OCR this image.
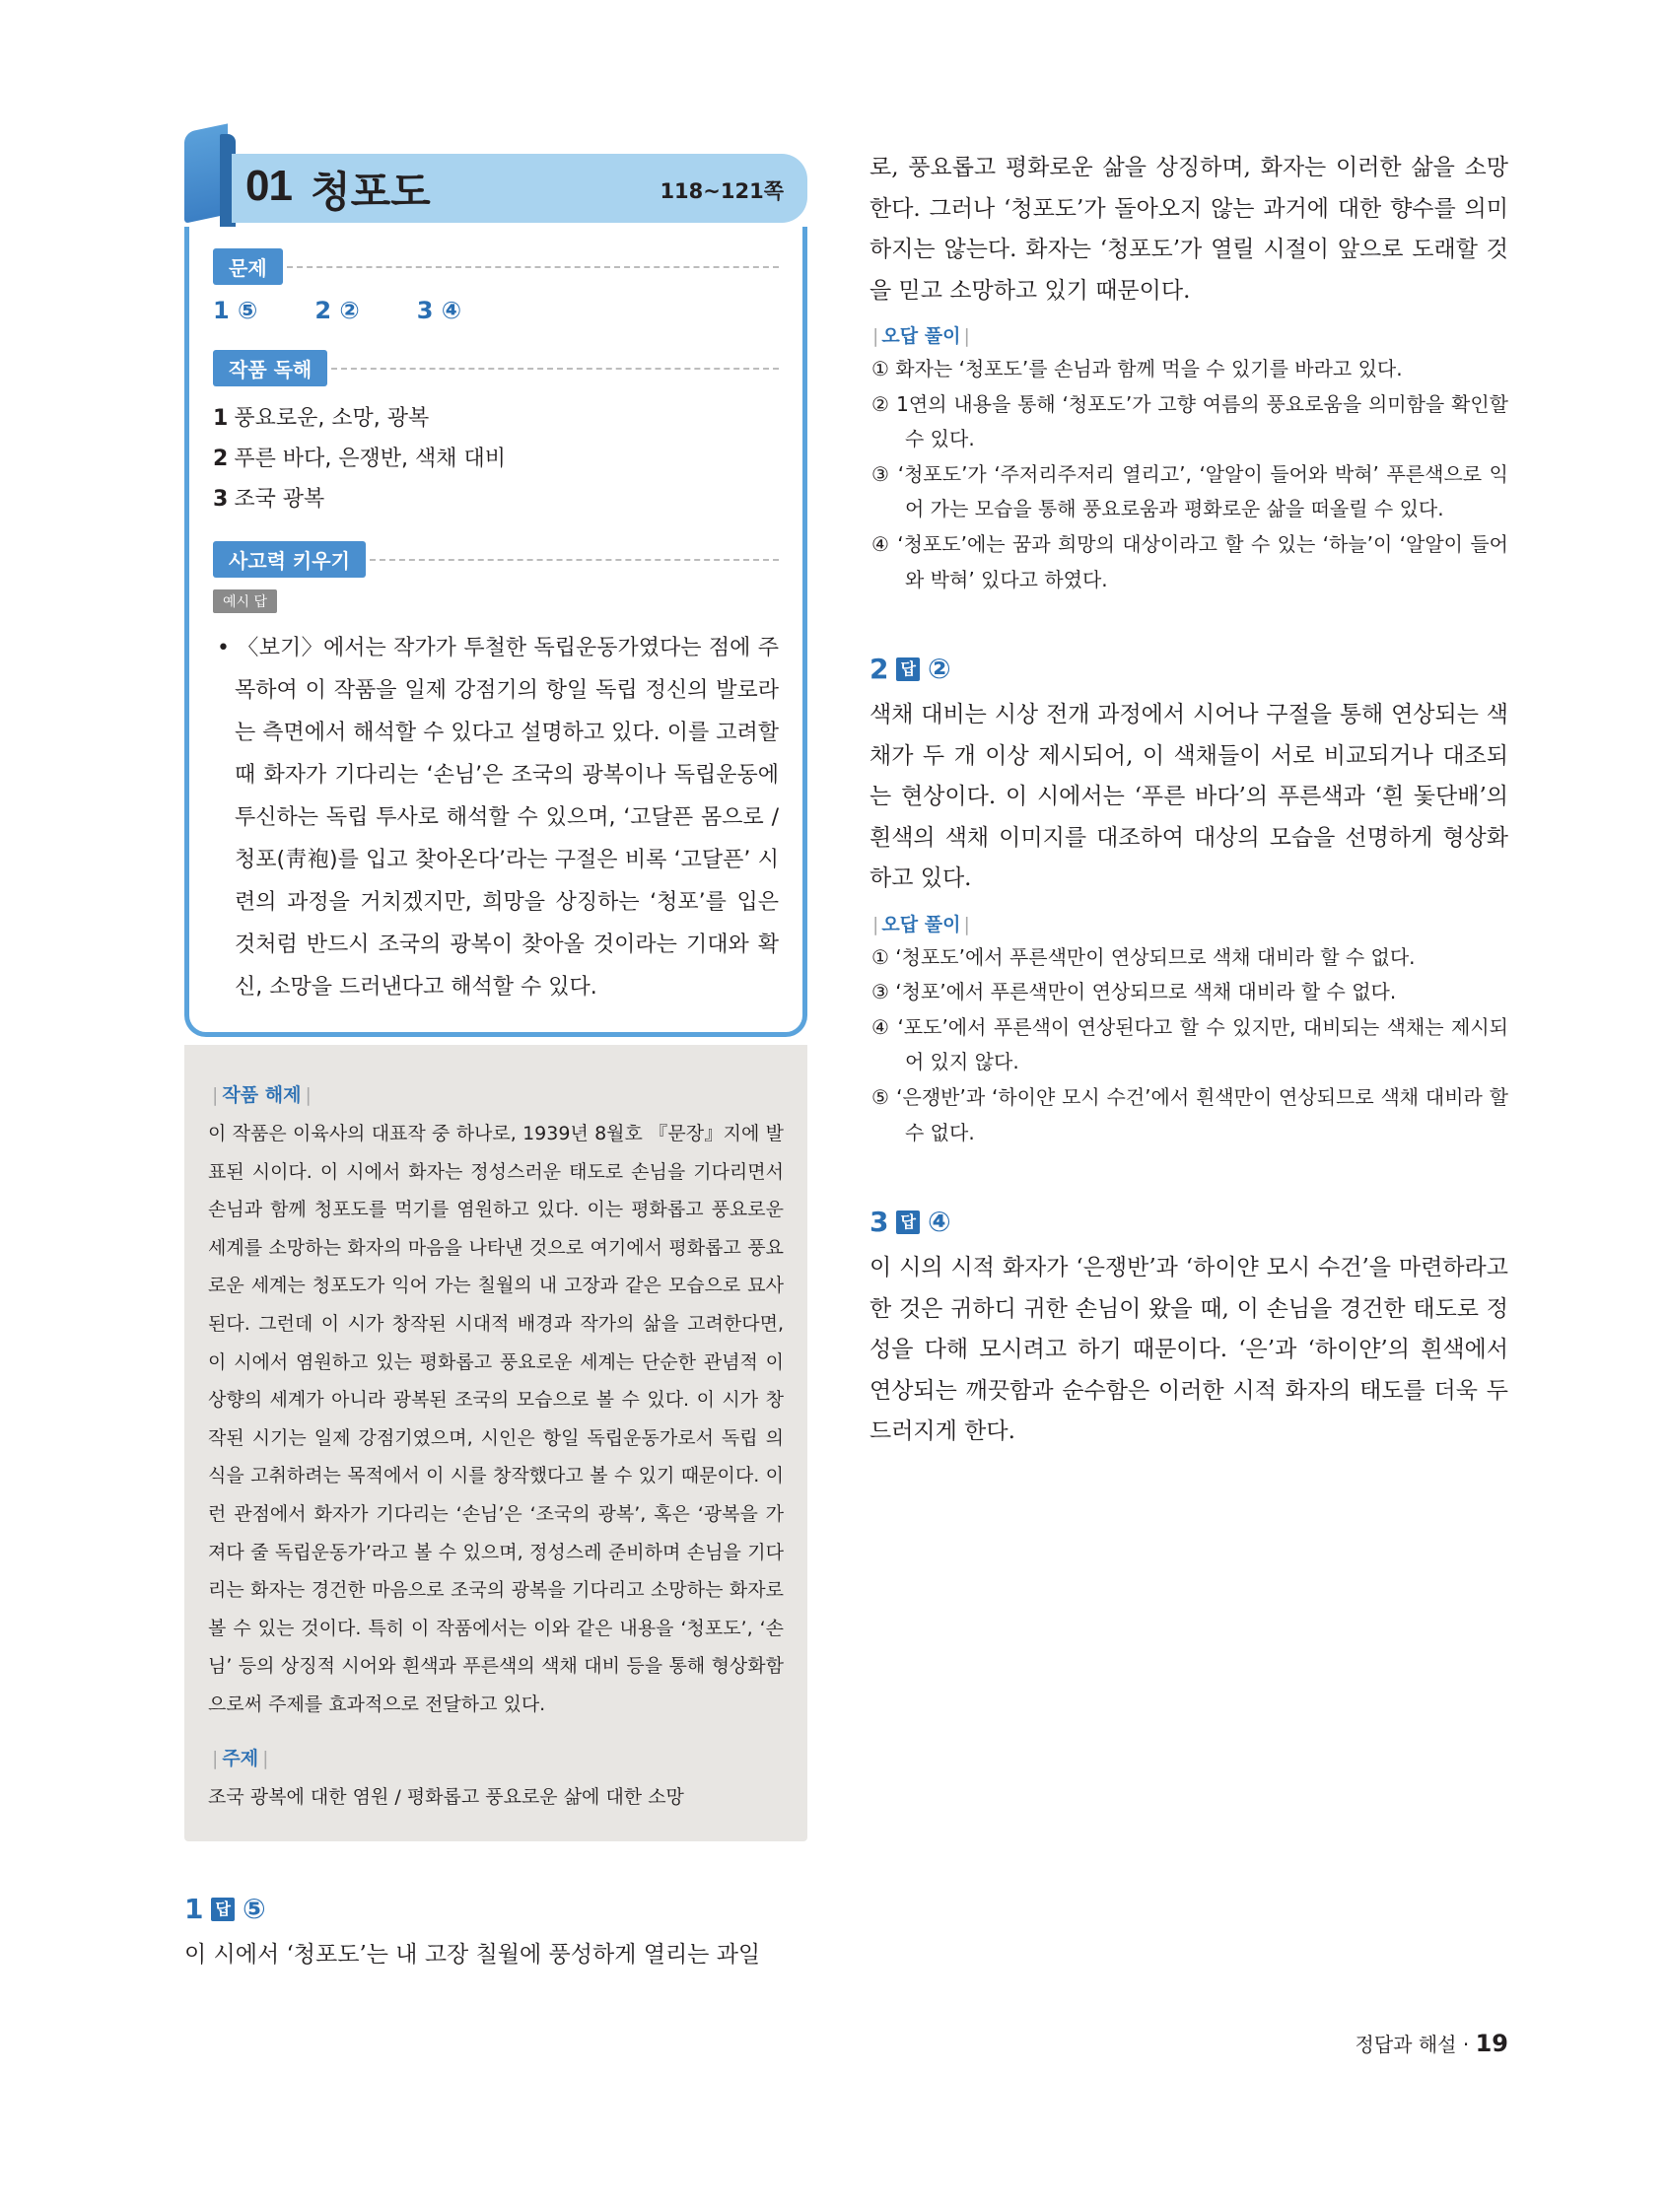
01 청포도	118~121쪽
문제
1 ⑤ 2 ② 3 ④
작품 독해
1 풍요로운, 소망, 광복
2 푸른 바다, 은쟁반, 색채 대비
3 조국 광복
사고력 키우기
예시 답

• 〈보기〉에서는 작가가 투철한 독립운동가였다는 점에 주목하여 이 작품을 일제 강점기의 항일 독립 정신의 발로라는 측면에서 해석할 수 있다고 설명하고 있다. 이를 고려할 때 화자가 기다리는 ‘손님’은 조국의 광복이나 독립운동에 투신하는 독립 투사로 해석할 수 있으며, ‘고달픈 몸으로 / 청포(靑袍)를 입고 찾아온다’라는 구절은 비록 ‘고달픈’ 시련의 과정을 거치겠지만, 희망을 상징하는 ‘청포’를 입은 것처럼 반드시 조국의 광복이 찾아올 것이라는 기대와 확신, 소망을 드러낸다고 해석할 수 있다.

| 작품 해제 |

이 작품은 이육사의 대표작 중 하나로, 1939년 8월호 『문장』지에 발표된 시이다. 이 시에서 화자는 정성스러운 태도로 손님을 기다리면서 손님과 함께 청포도를 먹기를 염원하고 있다. 이는 평화롭고 풍요로운 세계를 소망하는 화자의 마음을 나타낸 것으로 여기에서 평화롭고 풍요로운 세계는 청포도가 익어 가는 칠월의 내 고장과 같은 모습으로 묘사된다. 그런데 이 시가 창작된 시대적 배경과 작가의 삶을 고려한다면, 이 시에서 염원하고 있는 평화롭고 풍요로운 세계는 단순한 관념적 이상향의 세계가 아니라 광복된 조국의 모습으로 볼 수 있다. 이 시가 창작된 시기는 일제 강점기였으며, 시인은 항일 독립운동가로서 독립 의식을 고취하려는 목적에서 이 시를 창작했다고 볼 수 있기 때문이다. 이런 관점에서 화자가 기다리는 ‘손님’은 ‘조국의 광복’, 혹은 ‘광복을 가져다 줄 독립운동가’라고 볼 수 있으며, 정성스레 준비하며 손님을 기다리는 화자는 경건한 마음으로 조국의 광복을 기다리고 소망하는 화자로 볼 수 있는 것이다. 특히 이 작품에서는 이와 같은 내용을 ‘청포도’, ‘손님’ 등의 상징적 시어와 흰색과 푸른색의 색채 대비 등을 통해 형상화함으로써 주제를 효과적으로 전달하고 있다.

| 주제 |

조국 광복에 대한 염원 / 평화롭고 풍요로운 삶에 대한 소망

1 답 ⑤

이 시에서 ‘청포도’는 내 고장 칠월에 풍성하게 열리는 과일

로, 풍요롭고 평화로운 삶을 상징하며, 화자는 이러한 삶을 소망한다. 그러나 ‘청포도’가 돌아오지 않는 과거에 대한 향수를 의미하지는 않는다. 화자는 ‘청포도’가 열릴 시절이 앞으로 도래할 것을 믿고 소망하고 있기 때문이다.

| 오답 풀이 |
① 화자는 ‘청포도’를 손님과 함께 먹을 수 있기를 바라고 있다.
② 1연의 내용을 통해 ‘청포도’가 고향 여름의 풍요로움을 의미함을 확인할 수 있다.
③ ‘청포도’가 ‘주저리주저리 열리고’, ‘알알이 들어와 박혀’ 푸른색으로 익어 가는 모습을 통해 풍요로움과 평화로운 삶을 떠올릴 수 있다.
④ ‘청포도’에는 꿈과 희망의 대상이라고 할 수 있는 ‘하늘’이 ‘알알이 들어와 박혀’ 있다고 하였다.
2 답 ②

색채 대비는 시상 전개 과정에서 시어나 구절을 통해 연상되는 색채가 두 개 이상 제시되어, 이 색채들이 서로 비교되거나 대조되는 현상이다. 이 시에서는 ‘푸른 바다’의 푸른색과 ‘흰 돛단배’의 흰색의 색채 이미지를 대조하여 대상의 모습을 선명하게 형상화하고 있다.

| 오답 풀이 |
① ‘청포도’에서 푸른색만이 연상되므로 색채 대비라 할 수 없다.
③ ‘청포’에서 푸른색만이 연상되므로 색채 대비라 할 수 없다.
④ ‘포도’에서 푸른색이 연상된다고 할 수 있지만, 대비되는 색채는 제시되어 있지 않다.
⑤ ‘은쟁반’과 ‘하이얀 모시 수건’에서 흰색만이 연상되므로 색채 대비라 할 수 없다.
3 답 ④

이 시의 시적 화자가 ‘은쟁반’과 ‘하이얀 모시 수건’을 마련하라고 한 것은 귀하디 귀한 손님이 왔을 때, 이 손님을 경건한 태도로 정성을 다해 모시려고 하기 때문이다. ‘은’과 ‘하이얀’의 흰색에서 연상되는 깨끗함과 순수함은 이러한 시적 화자의 태도를 더욱 두드러지게 한다.

정답과 해설 · 19
